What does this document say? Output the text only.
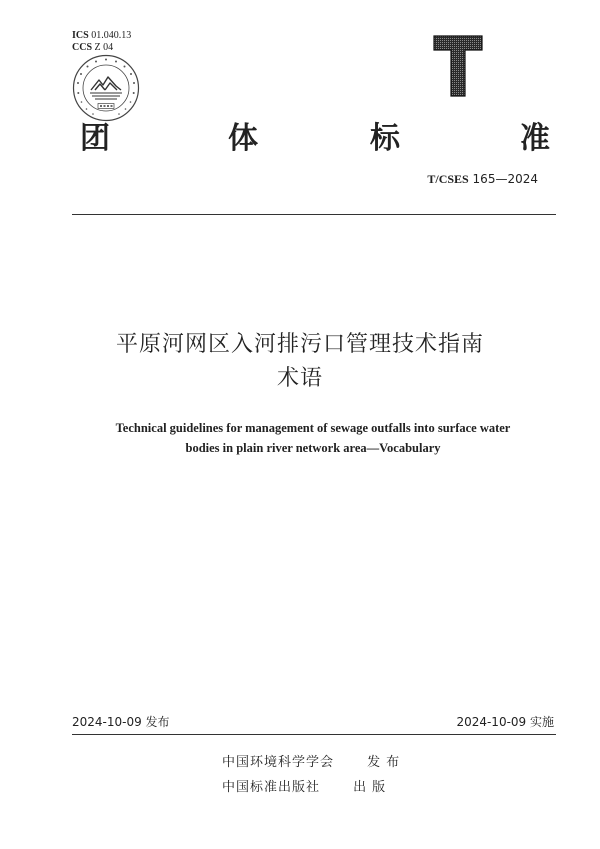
ICS 01.040.13
CCS Z 04
团	体	标	准
T/CSES 165—2024
平原河网区入河排污口管理技术指南
术语
Technical guidelines for management of sewage outfalls into surface water
bodies in plain river network area—Vocabulary
2024-10-09 发布	2024-10-09 实施
中国环境科学学会	发布
中国标准出版社	出版
